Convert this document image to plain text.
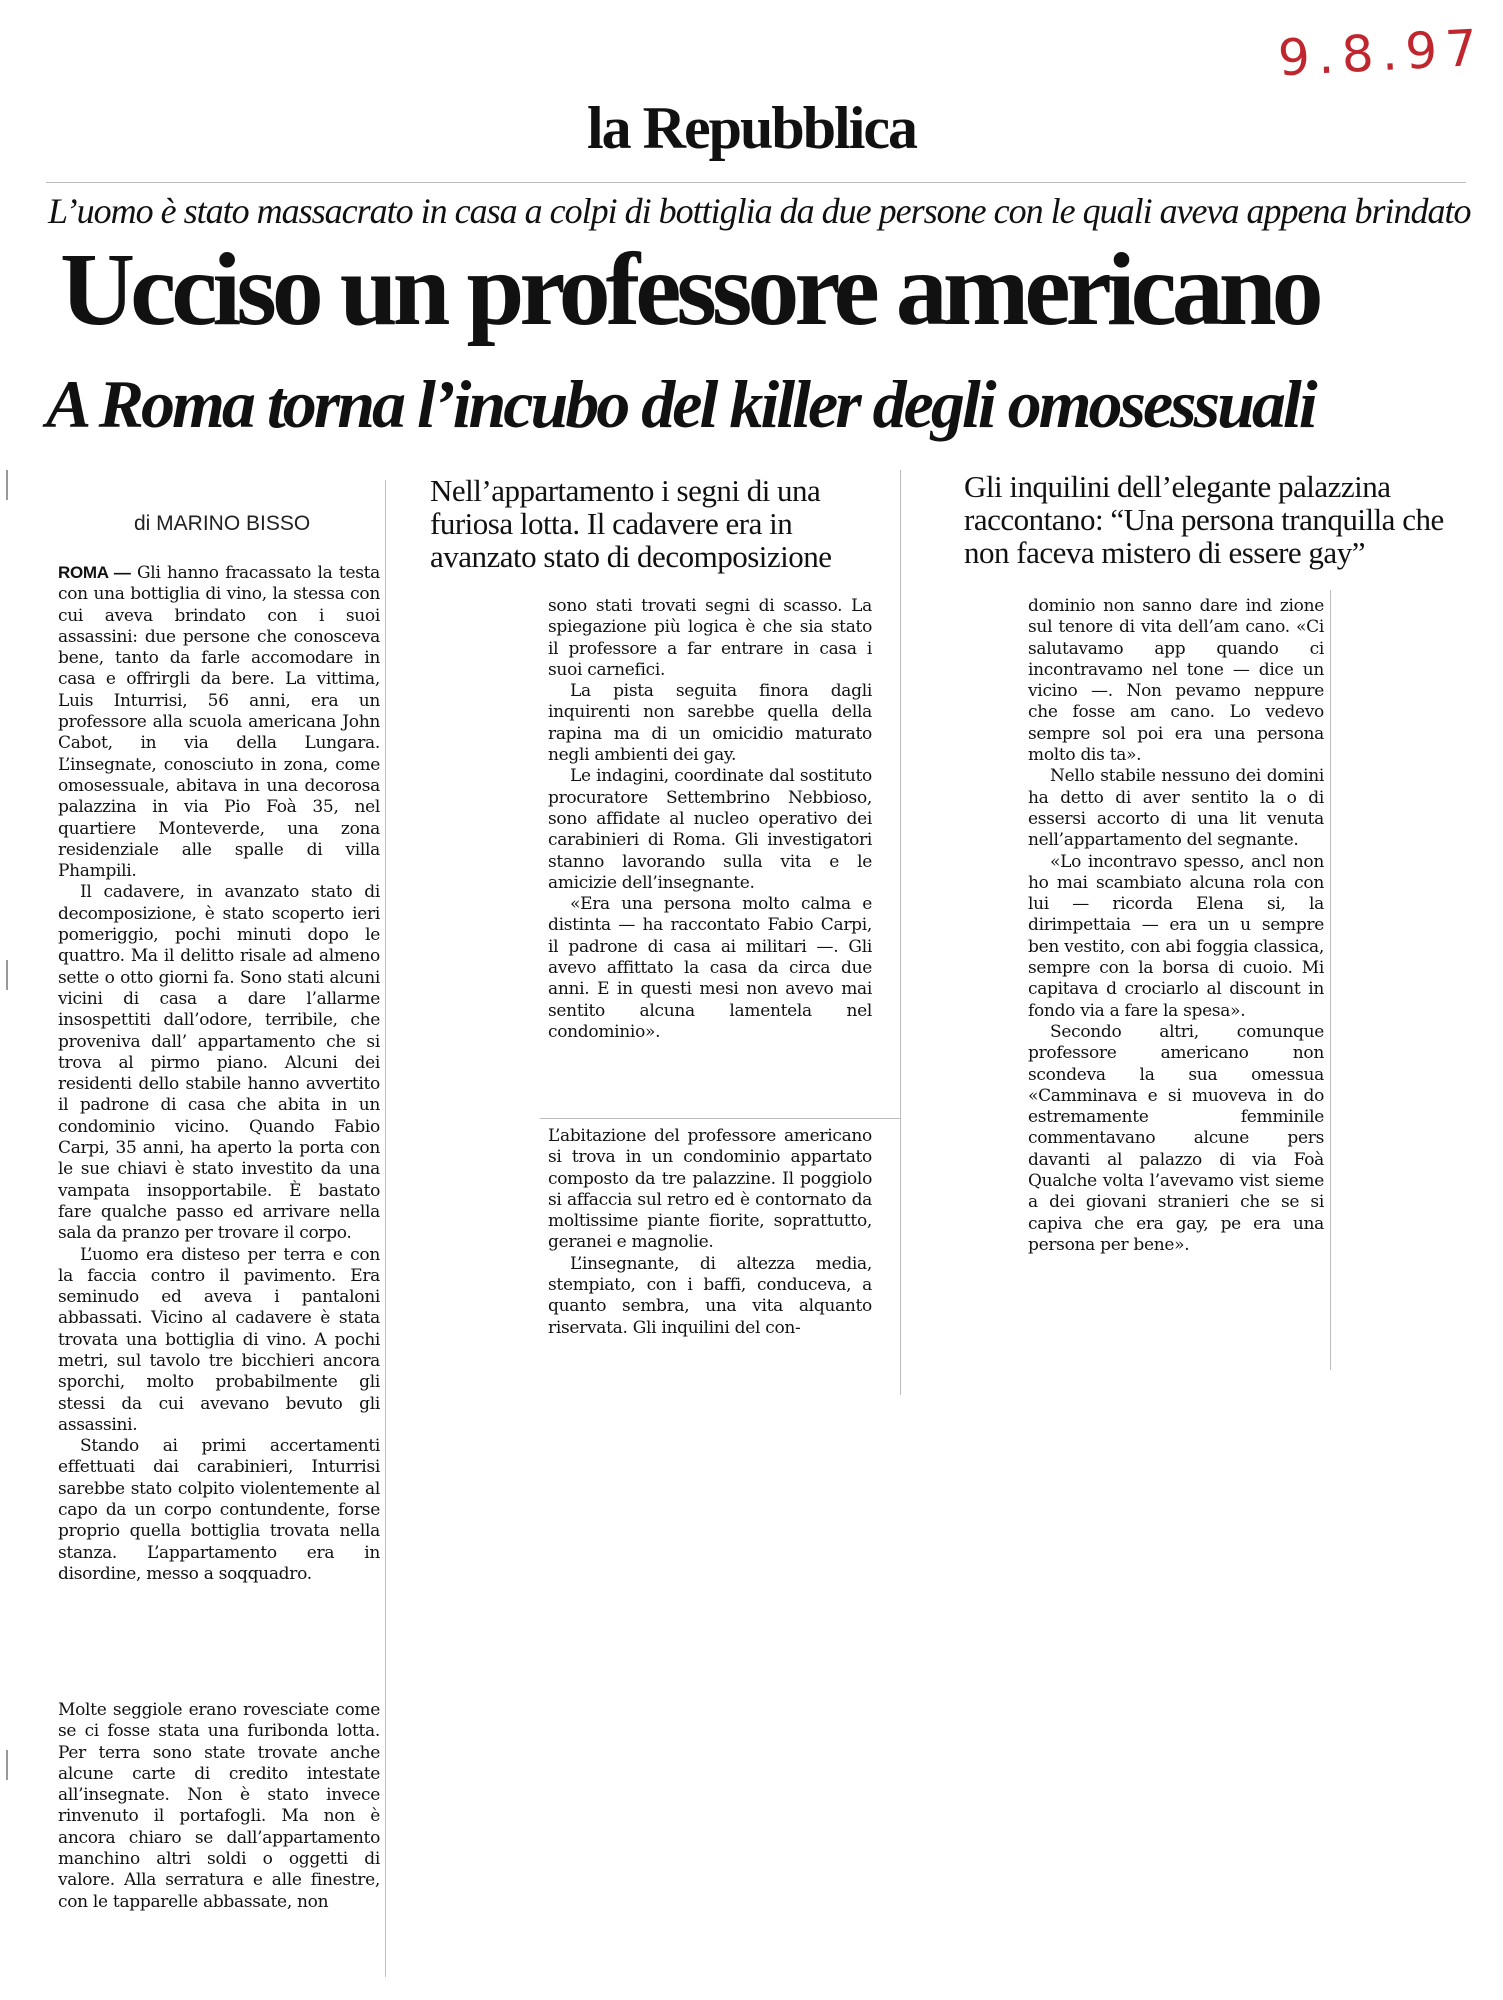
9.8.97
la Repubblica
L’uomo è stato massacrato in casa a colpi di bottiglia da due persone con le quali aveva appena brindato
Ucciso un professore americano
A Roma torna l’incubo del killer degli omosessuali
di MARINO BISSO
Nell’appartamento i segni di una furiosa lotta. Il cadavere era in avanzato stato di decomposizione
Gli inquilini dell’elegante palazzina raccontano: “Una persona tranquilla che non faceva mistero di essere gay”

ROMA — Gli hanno fracassato la testa con una bottiglia di vino, la stessa con cui aveva brindato con i suoi assassini: due persone che conosceva bene, tanto da farle accomodare in casa e offrirgli da bere. La vittima, Luis Inturrisi, 56 anni, era un professore alla scuola americana John Cabot, in via della Lungara. L’insegnate, conosciuto in zona, come omosessuale, abitava in una decorosa palazzina in via Pio Foà 35, nel quartiere Monteverde, una zona residenziale alle spalle di villa Phampili.

Il cadavere, in avanzato stato di decomposizione, è stato scoperto ieri pomeriggio, pochi minuti dopo le quattro. Ma il delitto risale ad almeno sette o otto giorni fa. Sono stati alcuni vicini di casa a dare l’allarme insospettiti dall’odore, terribile, che proveniva dall’ appartamento che si trova al pirmo piano. Alcuni dei residenti dello stabile hanno avvertito il padrone di casa che abita in un condominio vicino. Quando Fabio Carpi, 35 anni, ha aperto la porta con le sue chiavi è stato investito da una vampata insopportabile. È bastato fare qualche passo ed arrivare nella sala da pranzo per trovare il corpo.

L’uomo era disteso per terra e con la faccia contro il pavimento. Era seminudo ed aveva i pantaloni abbassati. Vicino al cadavere è stata trovata una bottiglia di vino. A pochi metri, sul tavolo tre bicchieri ancora sporchi, molto probabilmente gli stessi da cui avevano bevuto gli assassini.

Stando ai primi accertamenti effettuati dai carabinieri, Inturrisi sarebbe stato colpito violentemente al capo da un corpo contundente, forse proprio quella bottiglia trovata nella stanza. L’appartamento era in disordine, messo a soqquadro.

Molte seggiole erano rovesciate come se ci fosse stata una furibonda lotta. Per terra sono state trovate anche alcune carte di credito intestate all’insegnate. Non è stato invece rinvenuto il portafogli. Ma non è ancora chiaro se dall’appartamento manchino altri soldi o oggetti di valore. Alla serratura e alle finestre, con le tapparelle abbassate, non

sono stati trovati segni di scasso. La spiegazione più logica è che sia stato il professore a far entrare in casa i suoi carnefici.

La pista seguita finora dagli inquirenti non sarebbe quella della rapina ma di un omicidio maturato negli ambienti dei gay.

Le indagini, coordinate dal sostituto procuratore Settembrino Nebbioso, sono affidate al nucleo operativo dei carabinieri di Roma. Gli investigatori stanno lavorando sulla vita e le amicizie dell’insegnante.

«Era una persona molto calma e distinta — ha raccontato Fabio Carpi, il padrone di casa ai militari —. Gli avevo affittato la casa da circa due anni. E in questi mesi non avevo mai sentito alcuna lamentela nel condominio».

L’abitazione del professore americano si trova in un condominio appartato composto da tre palazzine. Il poggiolo si affaccia sul retro ed è contornato da moltissime piante fiorite, soprattutto, geranei e magnolie.

L’insegnante, di altezza media, stempiato, con i baffi, conduceva, a quanto sembra, una vita alquanto riservata. Gli inquilini del con-

dominio non sanno dare ind zione sul tenore di vita dell’am cano. «Ci salutavamo app quando ci incontravamo nel tone — dice un vicino —. Non pevamo neppure che fosse am cano. Lo vedevo sempre sol poi era una persona molto dis ta».

Nello stabile nessuno dei domini ha detto di aver sentito la o di essersi accorto di una lit venuta nell’appartamento del segnante.

«Lo incontravo spesso, ancl non ho mai scambiato alcuna rola con lui — ricorda Elena si, la dirimpettaia — era un u sempre ben vestito, con abi foggia classica, sempre con la borsa di cuoio. Mi capitava d crociarlo al discount in fondo via a fare la spesa».

Secondo altri, comunque professore americano non scondeva la sua omessua «Camminava e si muoveva in do estremamente femminile commentavano alcune pers davanti al palazzo di via Foà Qualche volta l’avevamo vist sieme a dei giovani stranieri che se si capiva che era gay, pe era una persona per bene».
